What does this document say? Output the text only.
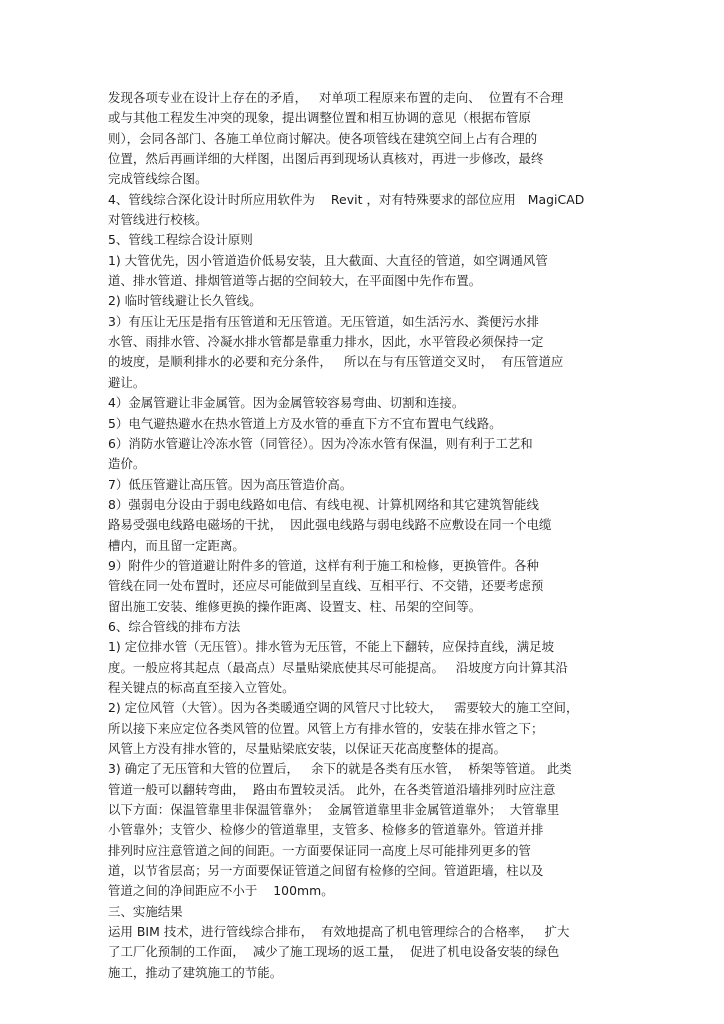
发现各项专业在设计上存在的矛盾，   对单项工程原来布置的走向、  位置有不合理
或与其他工程发生冲突的现象，提出调整位置和相互协调的意见（根据布管原
则），会同各部门、各施工单位商讨解决。使各项管线在建筑空间上占有合理的
位置，然后再画详细的大样图，出图后再到现场认真核对，再进一步修改，最终
完成管线综合图。
4、管线综合深化设计时所应用软件为    Revit ，对有特殊要求的部位应用   MagiCAD
对管线进行校核。
5、管线工程综合设计原则
1) 大管优先，因小管道造价低易安装，且大截面、大直径的管道，如空调通风管
道、排水管道、排烟管道等占据的空间较大，在平面图中先作布置。
2) 临时管线避让长久管线。
3）有压让无压是指有压管道和无压管道。无压管道，如生活污水、粪便污水排
水管、雨排水管、冷凝水排水管都是靠重力排水，因此，水平管段必须保持一定
的坡度，是顺利排水的必要和充分条件，   所以在与有压管道交叉时，  有压管道应
避让。
4）金属管避让非金属管。因为金属管较容易弯曲、切割和连接。
5）电气避热避水在热水管道上方及水管的垂直下方不宜布置电气线路。
6）消防水管避让冷冻水管（同管径）。因为冷冻水管有保温，则有利于工艺和
造价。
7）低压管避让高压管。因为高压管造价高。
8）强弱电分设由于弱电线路如电信、有线电视、计算机网络和其它建筑智能线
路易受强电线路电磁场的干扰，  因此强电线路与弱电线路不应敷设在同一个电缆
槽内，而且留一定距离。
9）附件少的管道避让附件多的管道，这样有利于施工和检修，更换管件。各种
管线在同一处布置时，还应尽可能做到呈直线、互相平行、不交错，还要考虑预
留出施工安装、维修更换的操作距离、设置支、柱、吊架的空间等。
6、综合管线的排布方法
1) 定位排水管（无压管）。排水管为无压管，不能上下翻转，应保持直线，满足坡
度。一般应将其起点（最高点）尽量贴梁底使其尽可能提高。   沿坡度方向计算其沿
程关键点的标高直至接入立管处。
2) 定位风管（大管）。因为各类暖通空调的风管尺寸比较大，   需要较大的施工空间，
所以接下来应定位各类风管的位置。风管上方有排水管的，安装在排水管之下；
风管上方没有排水管的，尽量贴梁底安装，以保证天花高度整体的提高。
3) 确定了无压管和大管的位置后，   余下的就是各类有压水管，  桥架等管道。 此类
管道一般可以翻转弯曲，  路由布置较灵活。 此外，在各类管道沿墙排列时应注意
以下方面：保温管靠里非保温管靠外；  金属管道靠里非金属管道靠外；  大管靠里
小管靠外；支管少、检修少的管道靠里，支管多、检修多的管道靠外。管道并排
排列时应注意管道之间的间距。一方面要保证同一高度上尽可能排列更多的管
道，以节省层高；另一方面要保证管道之间留有检修的空间。管道距墙，柱以及
管道之间的净间距应不小于    100mm。
三、实施结果
运用 BIM 技术，进行管线综合排布，  有效地提高了机电管理综合的合格率，   扩大
了工厂化预制的工作面，  减少了施工现场的返工量，  促进了机电设备安装的绿色
施工，推动了建筑施工的节能。
